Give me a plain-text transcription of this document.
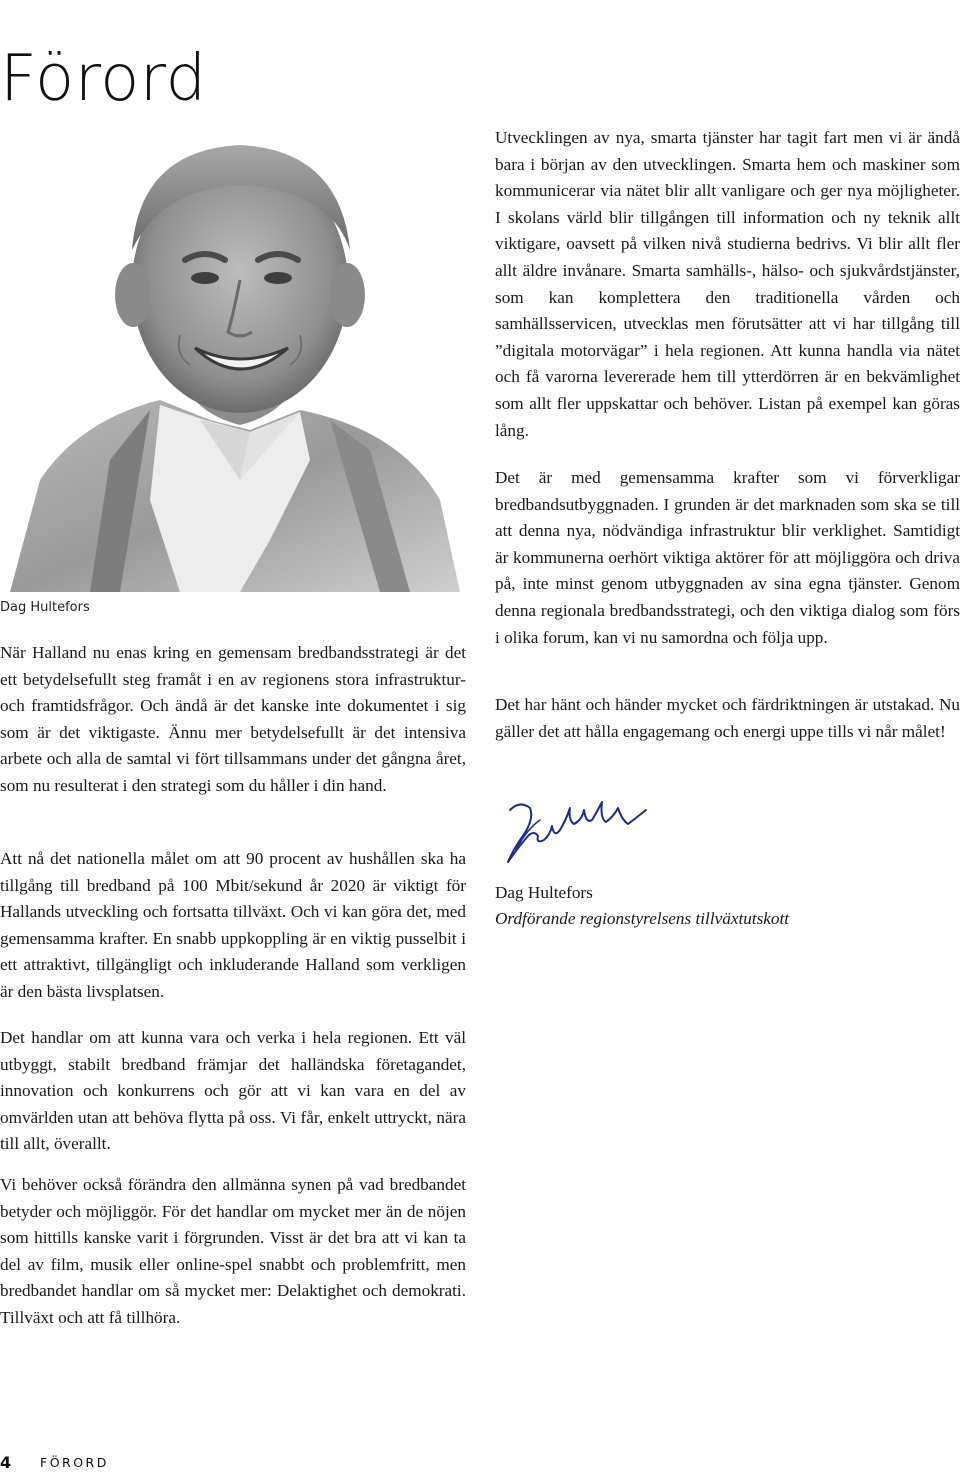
Förord
Dag Hultefors

När Halland nu enas kring en gemensam bredbandsstrategi är det ett betydelsefullt steg framåt i en av regionens stora infrastruktur- och framtidsfrågor. Och ändå är det kanske inte dokumentet i sig som är det viktigaste. Ännu mer betydelsefullt är det intensiva arbete och alla de samtal vi fört tillsammans under det gångna året, som nu resulterat i den strategi som du håller i din hand.

Att nå det nationella målet om att 90 procent av hushållen ska ha tillgång till bredband på 100 Mbit/sekund år 2020 är viktigt för Hallands utveckling och fortsatta tillväxt. Och vi kan göra det, med gemensamma krafter. En snabb uppkoppling är en viktig pusselbit i ett attraktivt, tillgängligt och inkluderande Halland som verkligen är den bästa livsplatsen.

Det handlar om att kunna vara och verka i hela regionen. Ett väl utbyggt, stabilt bredband främjar det halländska företagandet, innovation och konkurrens och gör att vi kan vara en del av omvärlden utan att behöva flytta på oss. Vi får, enkelt uttryckt, nära till allt, överallt.

Vi behöver också förändra den allmänna synen på vad bredbandet betyder och möjliggör. För det handlar om mycket mer än de nöjen som hittills kanske varit i förgrunden. Visst är det bra att vi kan ta del av film, musik eller online-spel snabbt och problemfritt, men bredbandet handlar om så mycket mer: Delaktighet och demokrati. Tillväxt och att få tillhöra.

Utvecklingen av nya, smarta tjänster har tagit fart men vi är ändå bara i början av den utvecklingen. Smarta hem och maskiner som kommunicerar via nätet blir allt vanligare och ger nya möjligheter. I skolans värld blir tillgången till information och ny teknik allt viktigare, oavsett på vilken nivå studierna bedrivs. Vi blir allt fler allt äldre invånare. Smarta samhälls-, hälso- och sjukvårdstjänster, som kan komplettera den traditionella vården och samhällsservicen, utvecklas men förutsätter att vi har tillgång till ”digitala motorvägar” i hela regionen. Att kunna handla via nätet och få varorna levererade hem till ytterdörren är en bekvämlighet som allt fler uppskattar och behöver. Listan på exempel kan göras lång.

Det är med gemensamma krafter som vi förverkligar bredbandsutbyggnaden. I grunden är det marknaden som ska se till att denna nya, nödvändiga infrastruktur blir verklighet. Samtidigt är kommunerna oerhört viktiga aktörer för att möjliggöra och driva på, inte minst genom utbyggnaden av sina egna tjänster. Genom denna regionala bredbandsstrategi, och den viktiga dialog som förs i olika forum, kan vi nu samordna och följa upp.

Det har hänt och händer mycket och färdriktningen är utstakad. Nu gäller det att hålla engagemang och energi uppe tills vi når målet!

Dag Hultefors
Ordförande regionstyrelsens tillväxtutskott
4	FÖRORD
